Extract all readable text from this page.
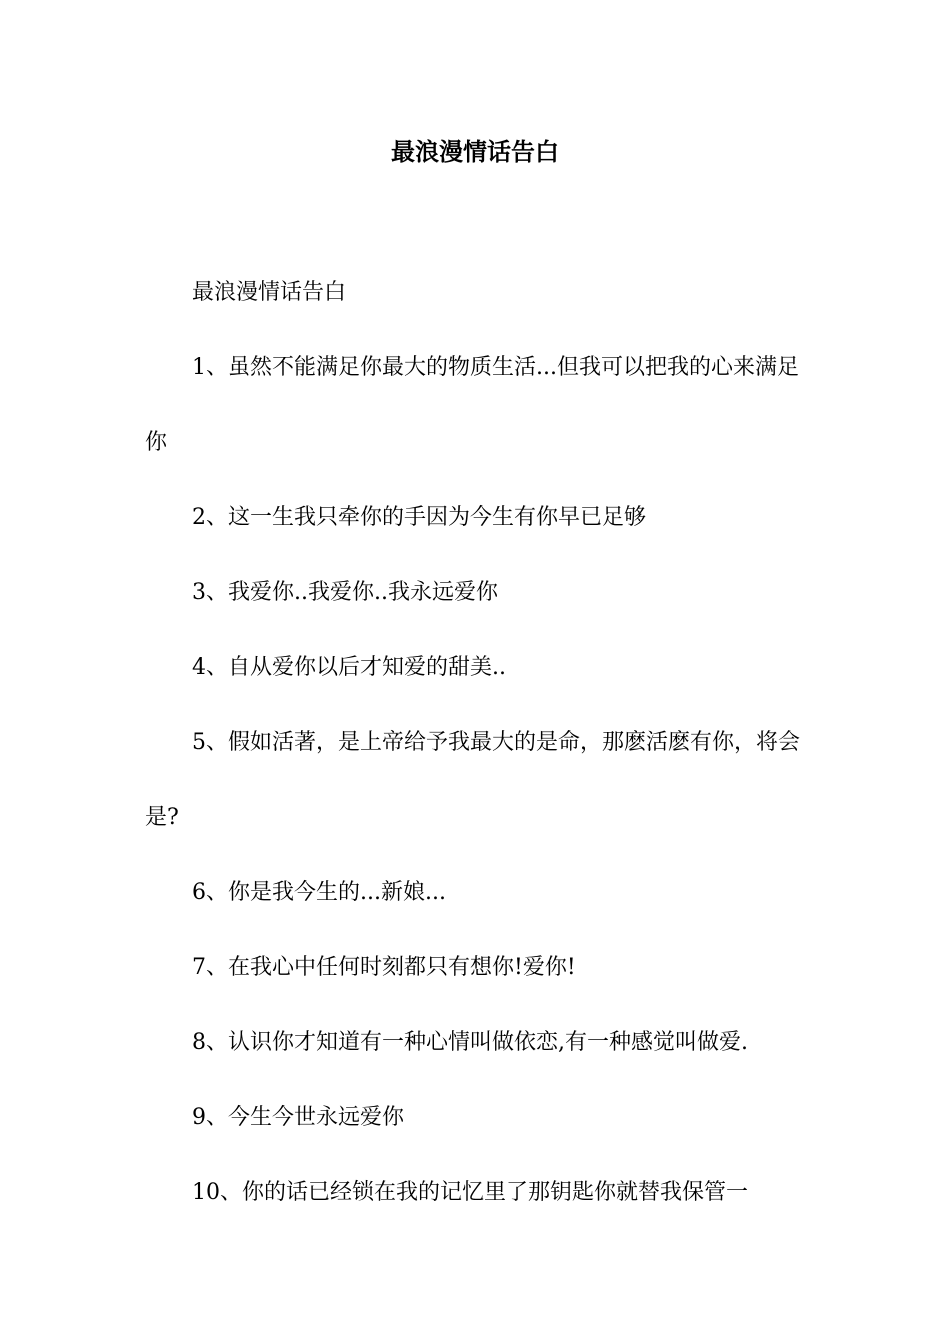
最浪漫情话告白

最浪漫情话告白

1、虽然不能满足你最大的物质生活...但我可以把我的心来满足你

2、这一生我只牵你的手因为今生有你早已足够

3、我爱你..我爱你..我永远爱你

4、自从爱你以后才知爱的甜美..

5、假如活著，是上帝给予我最大的是命，那麽活麽有你，将会是?

6、你是我今生的...新娘...

7、在我心中任何时刻都只有想你!爱你!

8、认识你才知道有一种心情叫做依恋,有一种感觉叫做爱.

9、今生今世永远爱你

10、你的话已经锁在我的记忆里了那钥匙你就替我保管一
